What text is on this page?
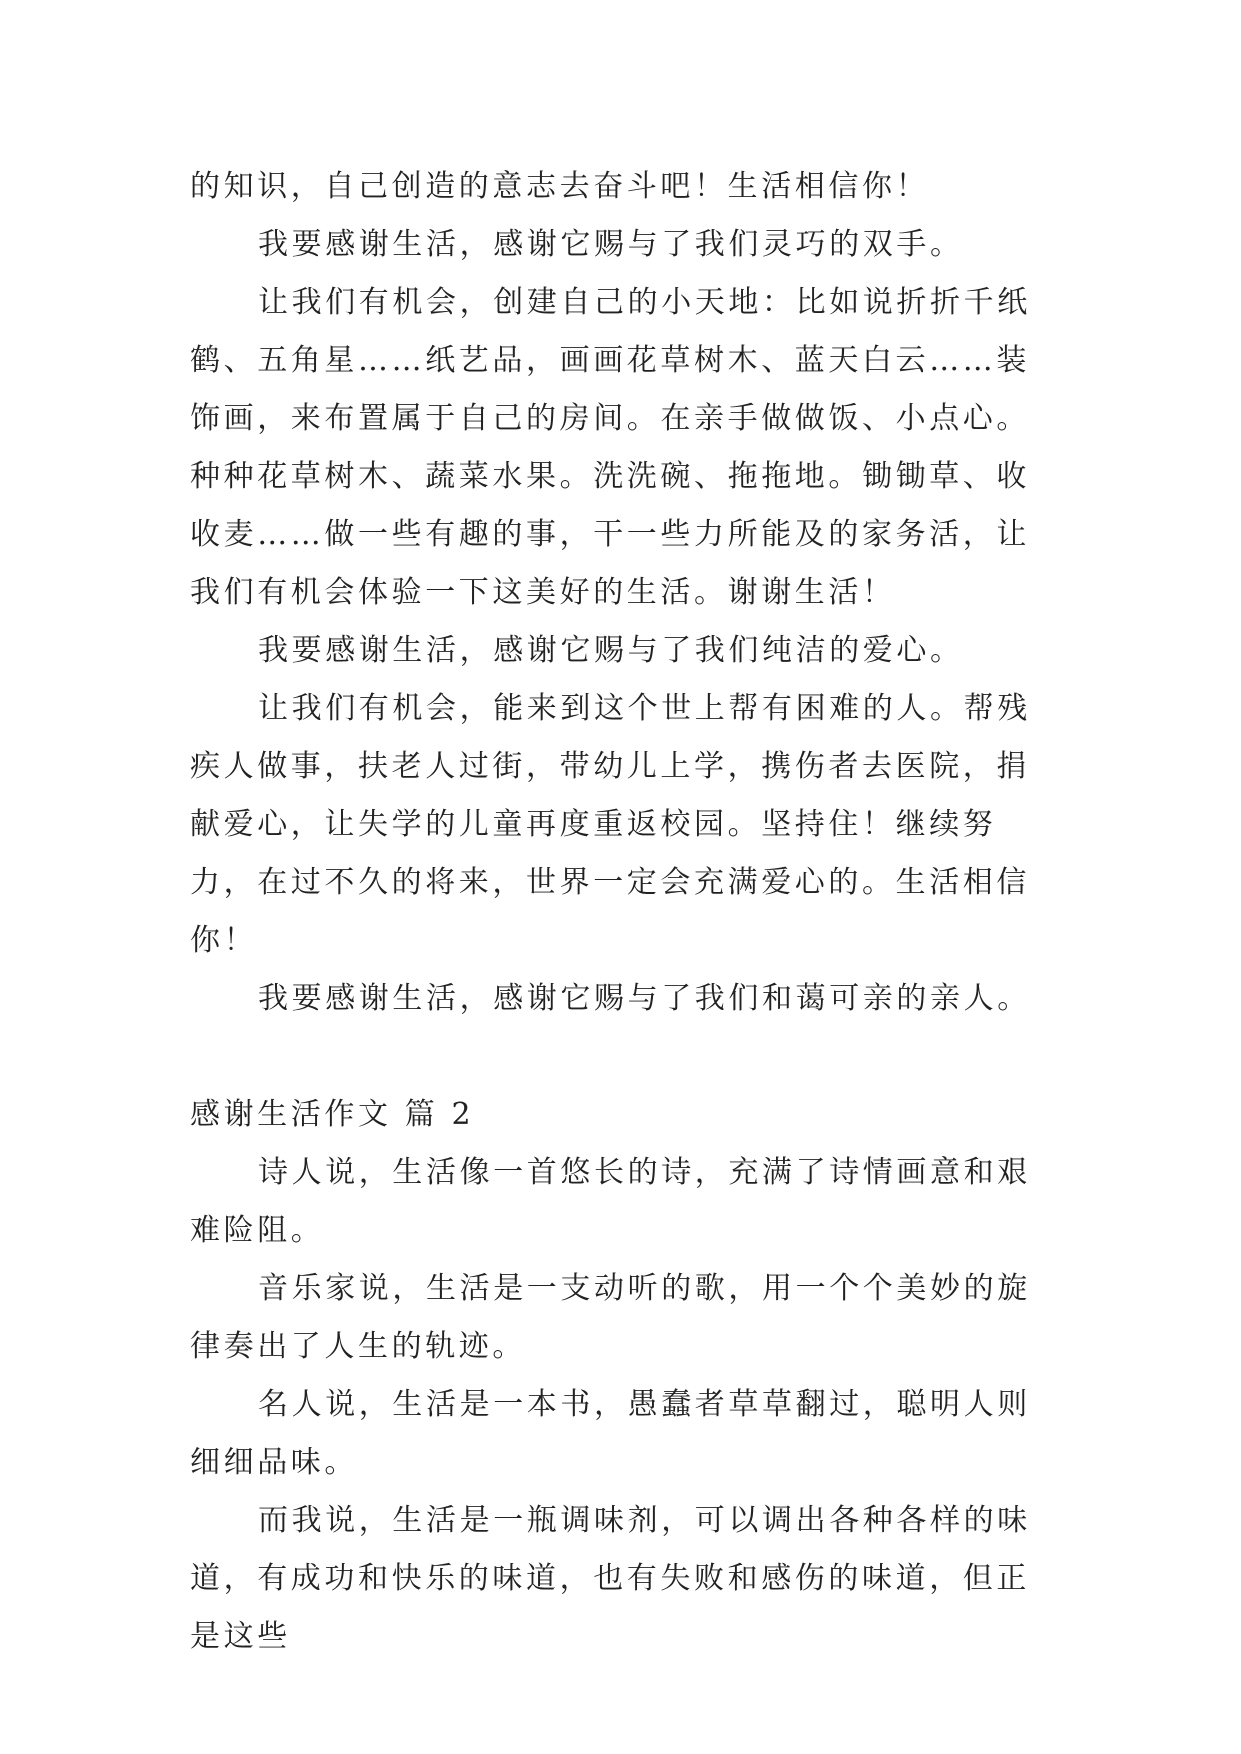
的知识，自己创造的意志去奋斗吧！生活相信你！

我要感谢生活，感谢它赐与了我们灵巧的双手。

让我们有机会，创建自己的小天地：比如说折折千纸鹤、五角星……纸艺品，画画花草树木、蓝天白云……装饰画，来布置属于自己的房间。在亲手做做饭、小点心。种种花草树木、蔬菜水果。洗洗碗、拖拖地。锄锄草、收收麦……做一些有趣的事，干一些力所能及的家务活，让我们有机会体验一下这美好的生活。谢谢生活！

我要感谢生活，感谢它赐与了我们纯洁的爱心。

让我们有机会，能来到这个世上帮有困难的人。帮残疾人做事，扶老人过街，带幼儿上学，携伤者去医院，捐献爱心，让失学的儿童再度重返校园。坚持住！继续努力，在过不久的将来，世界一定会充满爱心的。生活相信你！

我要感谢生活，感谢它赐与了我们和蔼可亲的亲人。

感谢生活作文 篇 2

诗人说，生活像一首悠长的诗，充满了诗情画意和艰难险阻。

音乐家说，生活是一支动听的歌，用一个个美妙的旋律奏出了人生的轨迹。

名人说，生活是一本书，愚蠢者草草翻过，聪明人则细细品味。

而我说，生活是一瓶调味剂，可以调出各种各样的味道，有成功和快乐的味道，也有失败和感伤的味道，但正是这些
